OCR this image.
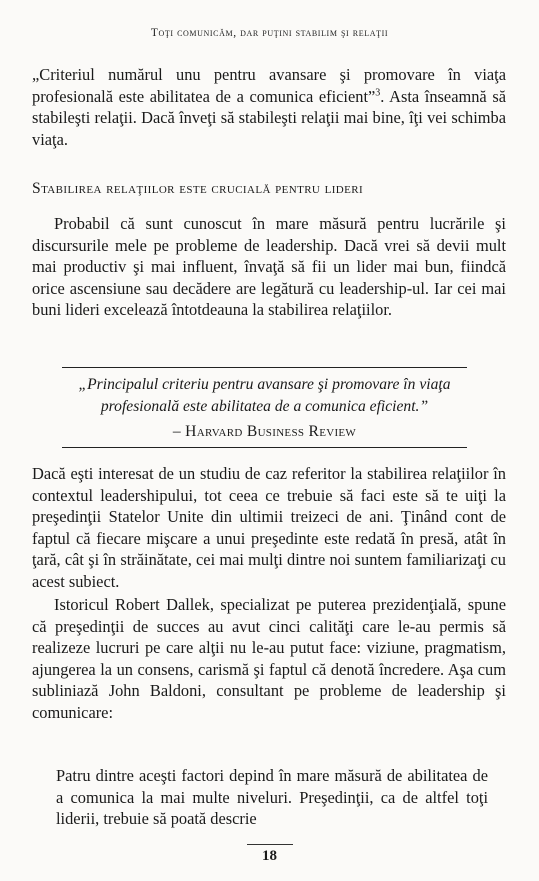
Toţi comunicăm, dar puţini stabilim şi relaţii

„Criteriul numărul unu pentru avansare şi promovare în viaţa profesională este abilitatea de a comunica eficient”$^3$. Asta înseamnă să stabileşti relaţii. Dacă înveţi să stabileşti relaţii mai bine, îţi vei schimba viaţa.

Stabilirea relaţiilor este crucială pentru lideri

Probabil că sunt cunoscut în mare măsură pentru lucrările şi discursurile mele pe probleme de leadership. Dacă vrei să devii mult mai productiv şi mai influent, învaţă să fii un lider mai bun, fiindcă orice ascensiune sau decădere are legătură cu leadership-ul. Iar cei mai buni lideri excelează întotdeauna la stabilirea relaţiilor.

„Principalul criteriu pentru avansare şi promovare în viaţa profesională este abilitatea de a comunica eficient.”

– Harvard Business Review

Dacă eşti interesat de un studiu de caz referitor la stabilirea relaţiilor în contextul leadershipului, tot ceea ce trebuie să faci este să te uiţi la preşedinţii Statelor Unite din ultimii treizeci de ani. Ţinând cont de faptul că fiecare mişcare a unui preşedinte este redată în presă, atât în ţară, cât şi în străinătate, cei mai mulţi dintre noi suntem familiarizaţi cu acest subiect.

Istoricul Robert Dallek, specializat pe puterea prezidenţială, spune că preşedinţii de succes au avut cinci calităţi care le-au permis să realizeze lucruri pe care alţii nu le-au putut face: viziune, pragmatism, ajungerea la un consens, carismă şi faptul că denotă încredere. Aşa cum subliniază John Baldoni, consultant pe probleme de leadership şi comunicare:

Patru dintre aceşti factori depind în mare măsură de abilitatea de a comunica la mai multe niveluri. Preşedinţii, ca de altfel toţi liderii, trebuie să poată descrie

18
